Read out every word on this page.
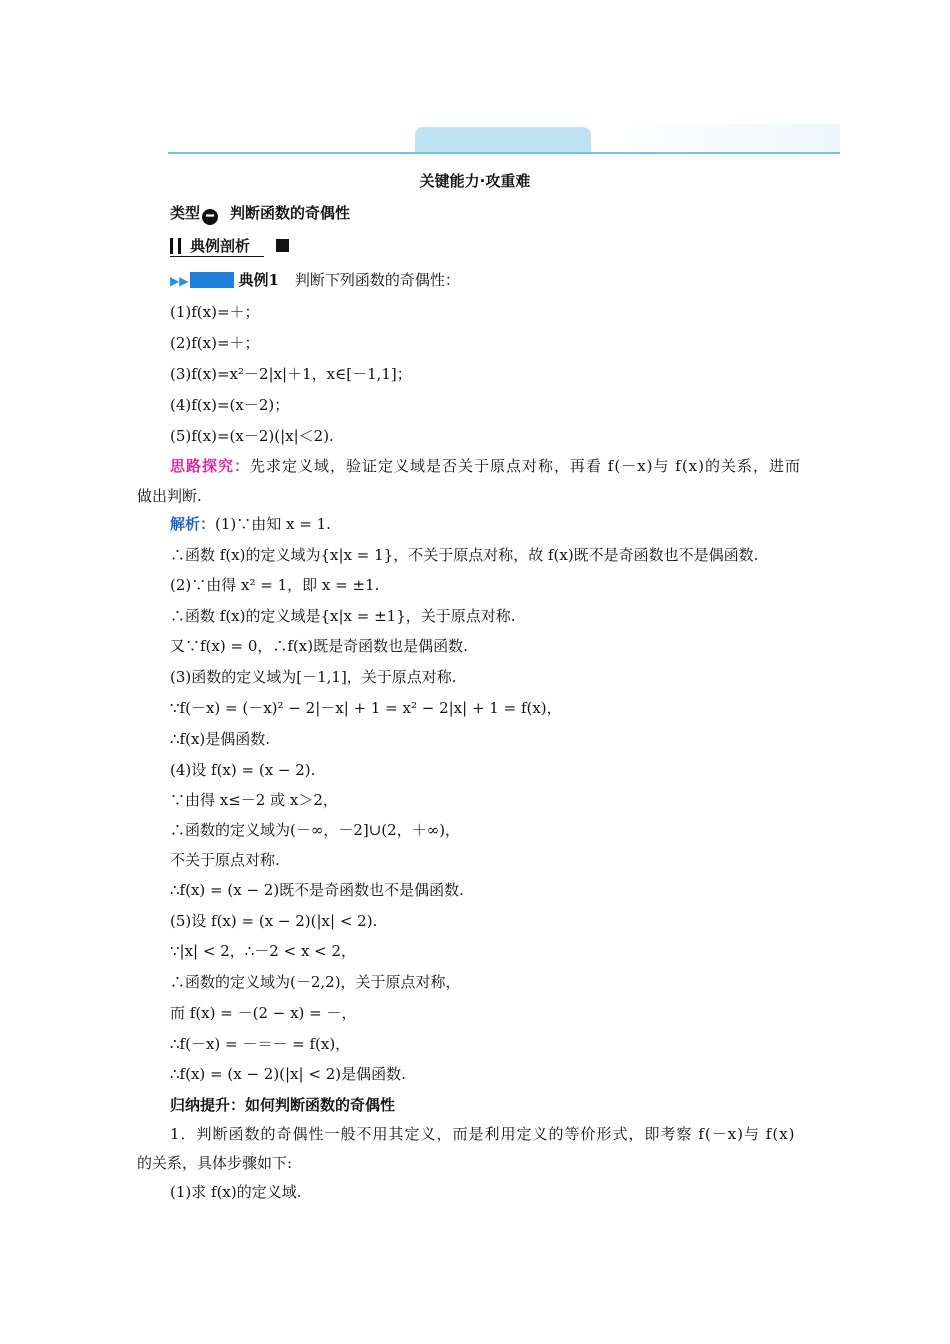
关键能力·攻重难
类型 ━ 判断函数的奇偶性
典例剖析
▶▶	典例1 判断下列函数的奇偶性：
(1)f(x)=＋；
(2)f(x)=＋；
(3)f(x)=x²－2|x|＋1，x∈[－1,1]；
(4)f(x)=(x－2)；
(5)f(x)=(x－2)(|x|＜2).
思路探究：先求定义域，验证定义域是否关于原点对称，再看 f(－x)与 f(x)的关系，进而
做出判断.
解析：(1)∵由知 x = 1.
∴函数 f(x)的定义域为{x|x = 1}，不关于原点对称，故 f(x)既不是奇函数也不是偶函数.
(2)∵由得 x² = 1，即 x = ±1.
∴函数 f(x)的定义域是{x|x = ±1}，关于原点对称.
又∵f(x) = 0，∴f(x)既是奇函数也是偶函数.
(3)函数的定义域为[－1,1]，关于原点对称.
∵f(－x) = (－x)² − 2|－x| + 1 = x² − 2|x| + 1 = f(x)，
∴f(x)是偶函数.
(4)设 f(x) = (x − 2).
∵由得 x≤－2 或 x＞2，
∴函数的定义域为(－∞，－2]∪(2，＋∞)，
不关于原点对称.
∴f(x) = (x − 2)既不是奇函数也不是偶函数.
(5)设 f(x) = (x − 2)(|x| < 2).
∵|x| < 2，∴－2 < x < 2，
∴函数的定义域为(－2,2)，关于原点对称，
而 f(x) = －(2 − x) = －，
∴f(－x) = －＝－ = f(x)，
∴f(x) = (x − 2)(|x| < 2)是偶函数.
归纳提升：如何判断函数的奇偶性
1．判断函数的奇偶性一般不用其定义，而是利用定义的等价形式，即考察 f(－x)与 f(x)
的关系，具体步骤如下:
(1)求 f(x)的定义域.
